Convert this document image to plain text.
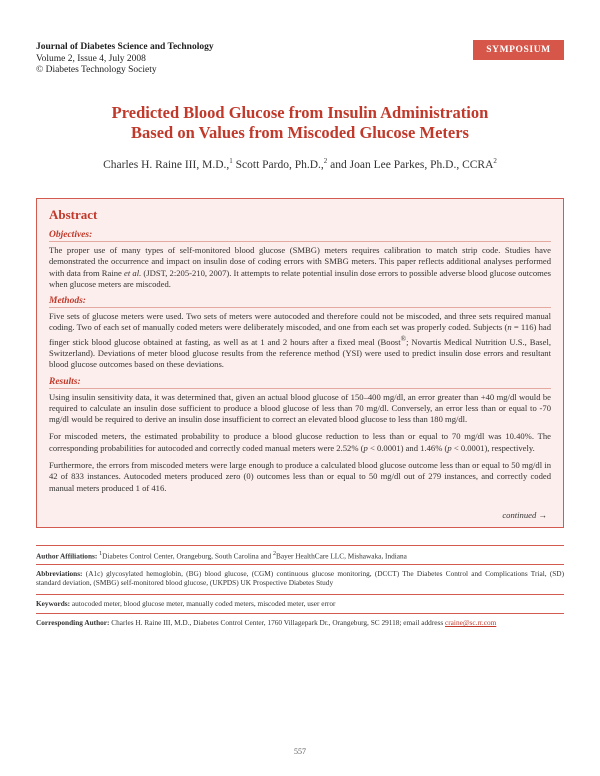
Journal of Diabetes Science and Technology
Volume 2, Issue 4, July 2008
© Diabetes Technology Society
SYMPOSIUM
Predicted Blood Glucose from Insulin Administration
Based on Values from Miscoded Glucose Meters
Charles H. Raine III, M.D.,$^1$ Scott Pardo, Ph.D.,$^2$ and Joan Lee Parkes, Ph.D., CCRA$^2$
Abstract
Objectives:

The proper use of many types of self-monitored blood glucose (SMBG) meters requires calibration to match strip code. Studies have demonstrated the occurrence and impact on insulin dose of coding errors with SMBG meters. This paper reflects additional analyses performed with data from Raine et al. (JDST, 2:205-210, 2007). It attempts to relate potential insulin dose errors to possible adverse blood glucose outcomes when glucose meters are miscoded.

Methods:

Five sets of glucose meters were used. Two sets of meters were autocoded and therefore could not be miscoded, and three sets required manual coding. Two of each set of manually coded meters were deliberately miscoded, and one from each set was properly coded. Subjects (n = 116) had finger stick blood glucose obtained at fasting, as well as at 1 and 2 hours after a fixed meal (Boost®; Novartis Medical Nutrition U.S., Basel, Switzerland). Deviations of meter blood glucose results from the reference method (YSI) were used to predict insulin dose errors and resultant blood glucose outcomes based on these deviations.

Results:

Using insulin sensitivity data, it was determined that, given an actual blood glucose of 150–400 mg/dl, an error greater than +40 mg/dl would be required to calculate an insulin dose sufficient to produce a blood glucose of less than 70 mg/dl. Conversely, an error less than or equal to -70 mg/dl would be required to derive an insulin dose insufficient to correct an elevated blood glucose to less than 180 mg/dl.

For miscoded meters, the estimated probability to produce a blood glucose reduction to less than or equal to 70 mg/dl was 10.40%. The corresponding probabilities for autocoded and correctly coded manual meters were 2.52% (p < 0.0001) and 1.46% (p < 0.0001), respectively.

Furthermore, the errors from miscoded meters were large enough to produce a calculated blood glucose outcome less than or equal to 50 mg/dl in 42 of 833 instances. Autocoded meters produced zero (0) outcomes less than or equal to 50 mg/dl out of 279 instances, and correctly coded manual meters produced 1 of 416.

continued →
Author Affiliations: $^1$Diabetes Control Center, Orangeburg, South Carolina and $^2$Bayer HealthCare LLC, Mishawaka, Indiana
Abbreviations: (A1c) glycosylated hemoglobin, (BG) blood glucose, (CGM) continuous glucose monitoring, (DCCT) The Diabetes Control and Complications Trial, (SD) standard deviation, (SMBG) self-monitored blood glucose, (UKPDS) UK Prospective Diabetes Study
Keywords: autocoded meter, blood glucose meter, manually coded meters, miscoded meter, user error
Corresponding Author: Charles H. Raine III, M.D., Diabetes Control Center, 1760 Villagepark Dr., Orangeburg, SC 29118; email address craine@sc.rr.com
557
